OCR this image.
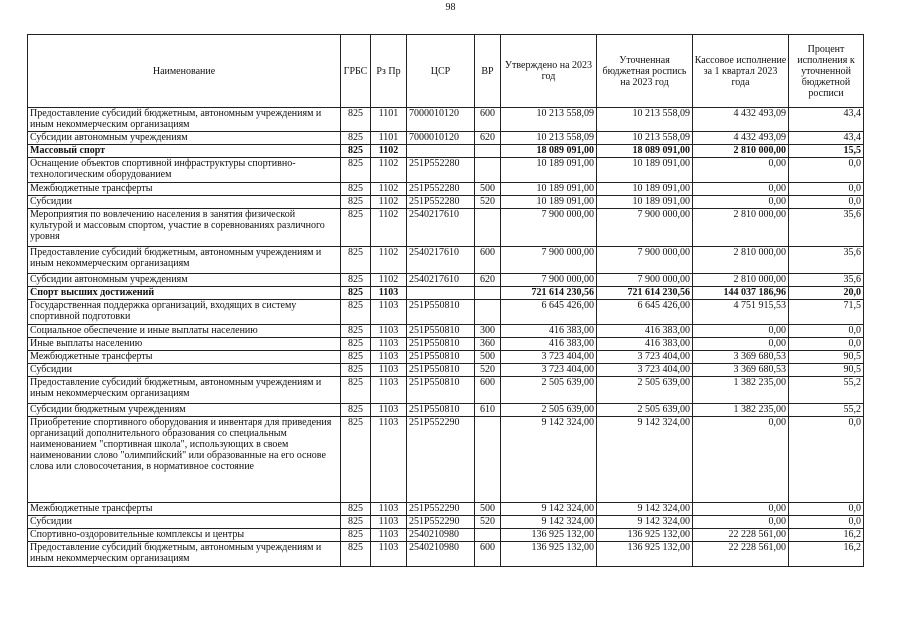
98
Наименование	ГРБС	Рз Пр	ЦСР	ВР	Утверждено на 2023 год	Уточненная бюджетная роспись на 2023 год	Кассовое исполнение за 1 квартал 2023 года	Процент исполнения к уточненной бюджетной росписи
Предоставление субсидий бюджетным, автономным учреждениям и иным некоммерческим организациям	825	1101	7000010120	600	10 213 558,09	10 213 558,09	4 432 493,09	43,4
Субсидии автономным учреждениям	825	1101	7000010120	620	10 213 558,09	10 213 558,09	4 432 493,09	43,4
Массовый спорт	825	1102			18 089 091,00	18 089 091,00	2 810 000,00	15,5
Оснащение объектов спортивной инфраструктуры спортивно-технологическим оборудованием	825	1102	251P552280		10 189 091,00	10 189 091,00	0,00	0,0
Межбюджетные трансферты	825	1102	251P552280	500	10 189 091,00	10 189 091,00	0,00	0,0
Субсидии	825	1102	251P552280	520	10 189 091,00	10 189 091,00	0,00	0,0
Мероприятия по вовлечению населения в занятия физической культурой и массовым спортом, участие в соревнованиях различного уровня	825	1102	2540217610		7 900 000,00	7 900 000,00	2 810 000,00	35,6
Предоставление субсидий бюджетным, автономным учреждениям и иным некоммерческим организациям	825	1102	2540217610	600	7 900 000,00	7 900 000,00	2 810 000,00	35,6
Субсидии автономным учреждениям	825	1102	2540217610	620	7 900 000,00	7 900 000,00	2 810 000,00	35,6
Спорт высших достижений	825	1103			721 614 230,56	721 614 230,56	144 037 186,96	20,0
Государственная поддержка организаций, входящих в систему спортивной подготовки	825	1103	251P550810		6 645 426,00	6 645 426,00	4 751 915,53	71,5
Социальное обеспечение и иные выплаты населению	825	1103	251P550810	300	416 383,00	416 383,00	0,00	0,0
Иные выплаты населению	825	1103	251P550810	360	416 383,00	416 383,00	0,00	0,0
Межбюджетные трансферты	825	1103	251P550810	500	3 723 404,00	3 723 404,00	3 369 680,53	90,5
Субсидии	825	1103	251P550810	520	3 723 404,00	3 723 404,00	3 369 680,53	90,5
Предоставление субсидий бюджетным, автономным учреждениям и иным некоммерческим организациям	825	1103	251P550810	600	2 505 639,00	2 505 639,00	1 382 235,00	55,2
Субсидии бюджетным учреждениям	825	1103	251P550810	610	2 505 639,00	2 505 639,00	1 382 235,00	55,2
Приобретение спортивного оборудования и инвентаря для приведения организаций дополнительного образования со специальным наименованием "спортивная школа", использующих в своем наименовании слово "олимпийский" или образованные на его основе слова или словосочетания, в нормативное состояние	825	1103	251P552290		9 142 324,00	9 142 324,00	0,00	0,0
Межбюджетные трансферты	825	1103	251P552290	500	9 142 324,00	9 142 324,00	0,00	0,0
Субсидии	825	1103	251P552290	520	9 142 324,00	9 142 324,00	0,00	0,0
Спортивно-оздоровительные комплексы и центры	825	1103	2540210980		136 925 132,00	136 925 132,00	22 228 561,00	16,2
Предоставление субсидий бюджетным, автономным учреждениям и иным некоммерческим организациям	825	1103	2540210980	600	136 925 132,00	136 925 132,00	22 228 561,00	16,2
